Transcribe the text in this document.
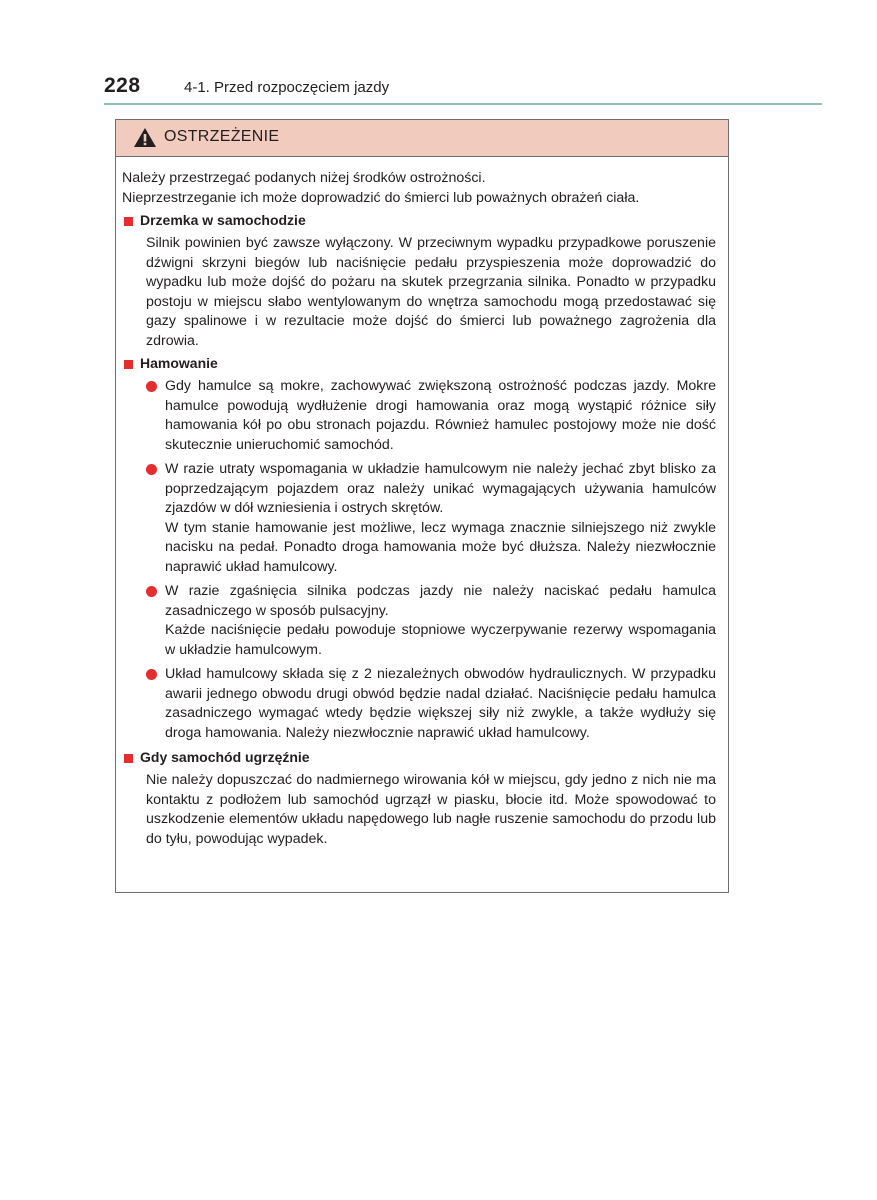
228	4-1. Przed rozpoczęciem jazdy
OSTRZEŻENIE

Należy przestrzegać podanych niżej środków ostrożności.

Nieprzestrzeganie ich może doprowadzić do śmierci lub poważnych obrażeń ciała.

Drzemka w samochodzie

Silnik powinien być zawsze wyłączony. W przeciwnym wypadku przypadkowe poruszenie dźwigni skrzyni biegów lub naciśnięcie pedału przyspieszenia może doprowadzić do wypadku lub może dojść do pożaru na skutek przegrzania silnika. Ponadto w przypadku postoju w miejscu słabo wentylowanym do wnętrza samochodu mogą przedostawać się gazy spalinowe i w rezultacie może dojść do śmierci lub poważnego zagrożenia dla zdrowia.

Hamowanie

Gdy hamulce są mokre, zachowywać zwiększoną ostrożność podczas jazdy. Mokre hamulce powodują wydłużenie drogi hamowania oraz mogą wystąpić różnice siły hamowania kół po obu stronach pojazdu. Również hamulec postojowy może nie dość skutecznie unieruchomić samochód.

W razie utraty wspomagania w układzie hamulcowym nie należy jechać zbyt blisko za poprzedzającym pojazdem oraz należy unikać wymagających używania hamulców zjazdów w dół wzniesienia i ostrych skrętów.

W tym stanie hamowanie jest możliwe, lecz wymaga znacznie silniejszego niż zwykle nacisku na pedał. Ponadto droga hamowania może być dłuższa. Należy niezwłocznie naprawić układ hamulcowy.

W razie zgaśnięcia silnika podczas jazdy nie należy naciskać pedału hamulca zasadniczego w sposób pulsacyjny.

Każde naciśnięcie pedału powoduje stopniowe wyczerpywanie rezerwy wspomagania w układzie hamulcowym.

Układ hamulcowy składa się z 2 niezależnych obwodów hydraulicznych. W przypadku awarii jednego obwodu drugi obwód będzie nadal działać. Naciśnięcie pedału hamulca zasadniczego wymagać wtedy będzie większej siły niż zwykle, a także wydłuży się droga hamowania. Należy niezwłocznie naprawić układ hamulcowy.

Gdy samochód ugrzęźnie

Nie należy dopuszczać do nadmiernego wirowania kół w miejscu, gdy jedno z nich nie ma kontaktu z podłożem lub samochód ugrzązł w piasku, błocie itd. Może spowodować to uszkodzenie elementów układu napędowego lub nagłe ruszenie samochodu do przodu lub do tyłu, powodując wypadek.
